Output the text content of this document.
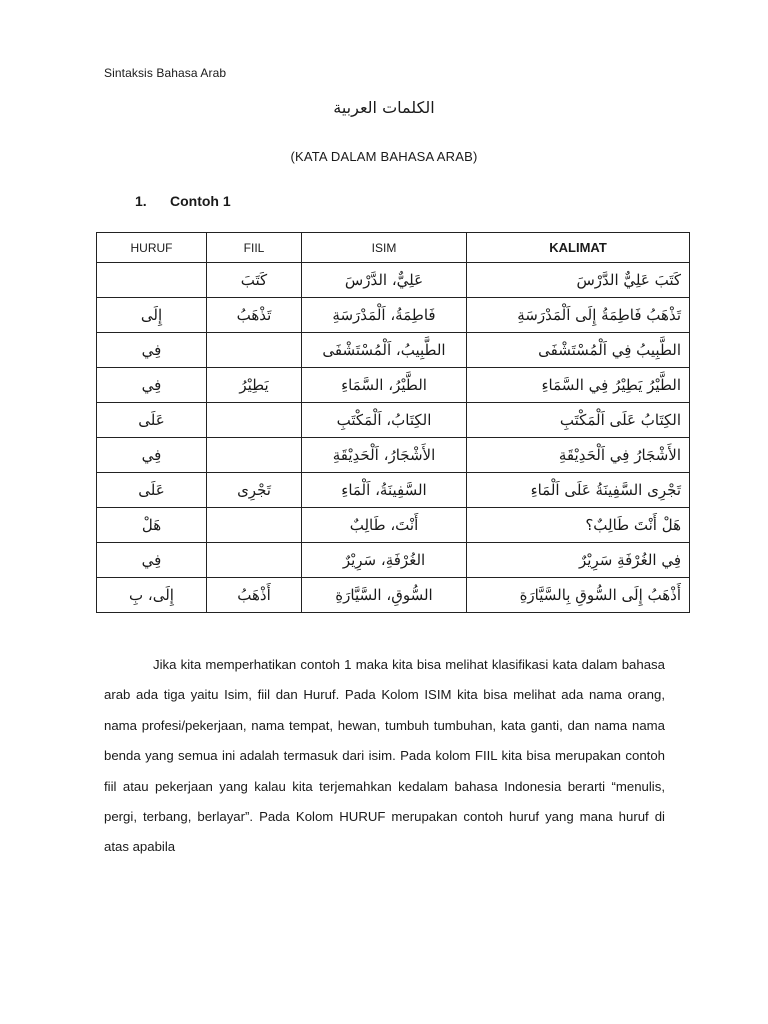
Sintaksis Bahasa Arab
الكلمات العربية
(KATA DALAM BAHASA ARAB)
1. Contoh 1
HURUF	FIIL	ISIM	KALIMAT
	كَتَبَ	عَلِيٌّ، الدَّرْسَ	كَتَبَ عَلِيٌّ الدَّرْسَ
إِلَى	تَذْهَبُ	فَاطِمَةُ، اَلْمَدْرَسَةِ	تَذْهَبُ فَاطِمَةُ إِلَى اَلْمَدْرَسَةِ
فِي		الطَّبِيبُ، اَلْمُسْتَشْفَى	الطَّبِيبُ فِي اَلْمُسْتَشْفَى
فِي	يَطِيْرُ	الطَّيْرُ، السَّمَاءِ	الطَّيْرُ يَطِيْرُ فِي السَّمَاءِ
عَلَى		الكِتَابُ، اَلْمَكْتَبِ	الكِتَابُ عَلَى اَلْمَكْتَبِ
فِي		الأَشْجَارُ، اَلْحَدِيْقَةِ	الأَشْجَارُ فِي اَلْحَدِيْقَةِ
عَلَى	تَجْرِى	السَّفِينَةُ، اَلْمَاءِ	تَجْرِى السَّفِينَةُ عَلَى اَلْمَاءِ
هَلْ		أَنْتَ، طَالِبٌ	هَلْ أَنْتَ طَالِبٌ؟
فِي		الغُرْفَةِ، سَرِيْرٌ	فِي الغُرْفَةِ سَرِيْرٌ
إِلَى، بِ	أَذْهَبُ	السُّوقِ، السَّيَّارَةِ	أَذْهَبُ إِلَى السُّوقِ بِالسَّيَّارَةِ

Jika kita memperhatikan contoh 1 maka kita bisa melihat klasifikasi kata dalam bahasa arab ada tiga yaitu Isim, fiil dan Huruf. Pada Kolom ISIM kita bisa melihat ada nama orang, nama profesi/pekerjaan, nama tempat, hewan, tumbuh tumbuhan, kata ganti, dan nama nama benda yang semua ini adalah termasuk dari isim. Pada kolom FIIL kita bisa merupakan contoh fiil atau pekerjaan yang kalau kita terjemahkan kedalam bahasa Indonesia berarti “menulis, pergi, terbang, berlayar”. Pada Kolom HURUF merupakan contoh huruf yang mana huruf di atas apabila
